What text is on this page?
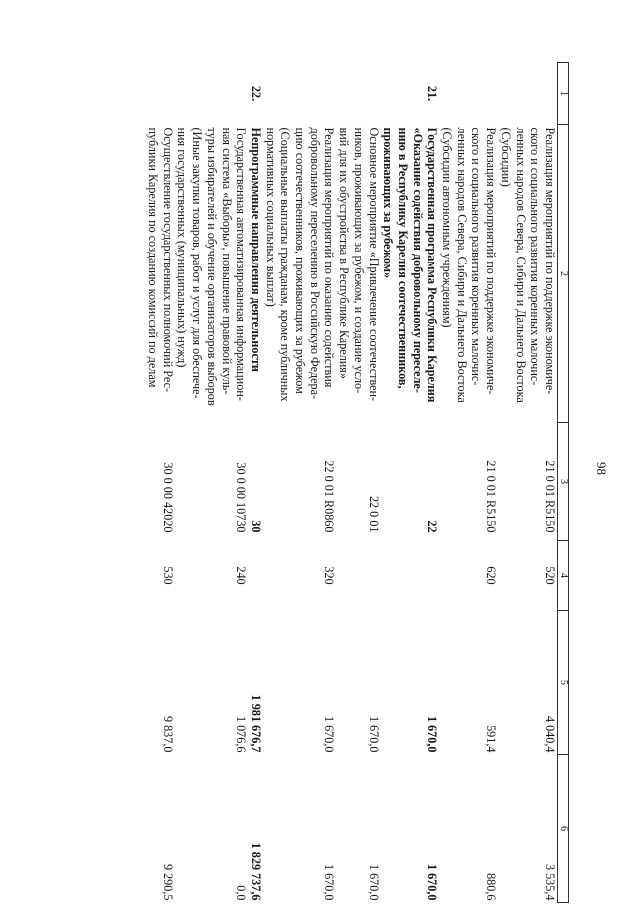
98
1	2	3	4	5	6

	Реализация мероприятий по поддержке экономиче-
ского и социального развития коренных малочис-
ленных народов Севера, Сибири и Дальнего Востока
(Субсидии)	21 0 01 R5150	520	4 040,4	3 535,4

	Реализация мероприятий по поддержке экономиче-
ского и социального развития коренных малочис-
ленных народов Севера, Сибири и Дальнего Востока
(Субсидии автономным учреждениям)	21 0 01 R5150	620	591,4	880,6
21.	Государственная программа Республики Карелия
«Оказание содействия добровольному переселе-
нию в Республику Карелия соотечественников,
проживающих за рубежом»	22		1 670,0	1 670,0

	Основное мероприятие «Привлечение соотечествен-
ников, проживающих за рубежом, и создание усло-
вий для их обустройства в Республике Карелия»	22 0 01		1 670,0	1 670,0

	Реализация мероприятий по оказанию содействия
добровольному переселению в Российскую Федера-
цию соотечественников, проживающих за рубежом
(Социальные выплаты гражданам, кроме публичных
нормативных социальных выплат)	22 0 01 R0860	320	1 670,0	1 670,0
22.	Непрограммные направления деятельности	30		1 981 676,7	1 829 737,6

	Государственная автоматизированная информацион-
ная система «Выборы», повышение правовой куль-
туры избирателей и обучение организаторов выборов
(Иные закупки товаров, работ и услуг для обеспече-
ния государственных (муниципальных) нужд)	30 0 00 10730	240	1 076,6	0,0

	Осуществление государственных полномочий Рес-
публики Карелия по созданию комиссий по делам	30 0 00 42020	530	9 837,0	9 290,5
